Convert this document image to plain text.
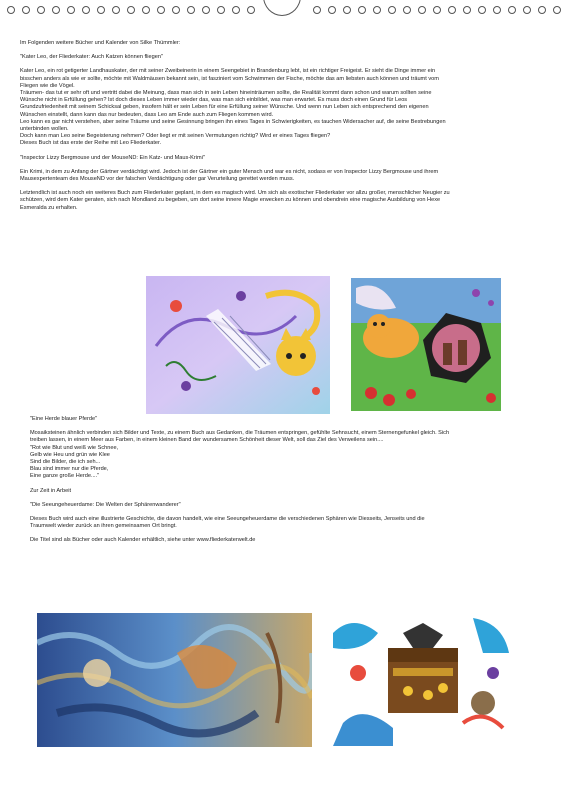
Im Folgenden weitere Bücher und Kalender von Silke Thümmler:

"Kater Leo, der Fliederkater: Auch Katzen können fliegen"

Kater Leo, ein rot getigerter Landhauskater, der mit seiner Zweibeinerin in einem Seengebiet in Brandenburg lebt, ist ein richtiger Freigeist. Er sieht die Dinge immer ein
bisschen anders als wie er sollte, möchte mit Waldmäusen bekannt sein, ist fasziniert vom Schwimmen der Fische, möchte das am liebsten auch können und träumt vom
Fliegen wie die Vögel.
Träumen- das tut er sehr oft und vertritt dabei die Meinung, dass man sich in sein Leben hineinträumen sollte, die Realität kommt dann schon und warum sollten seine
Wünsche nicht in Erfüllung gehen? Ist doch dieses Leben immer wieder das, was man sich einbildet, was man erwartet. Es muss doch einen Grund für Leos
Grundzufriedenheit mit seinem Schicksal geben, insofern hält er sein Leben für eine Erfüllung seiner Wünsche. Und wenn nun Leben sich entsprechend den eigenen
Wünschen einstellt, dann kann das nur bedeuten, dass Leo am Ende auch zum Fliegen kommen wird.
Leo kann es gar nicht verstehen, aber seine Träume und seine Gesinnung bringen ihn eines Tages in Schwierigkeiten, es tauchen Widersacher auf, die seine Bestrebungen
unterbinden wollen.
Doch kann man Leo seine Begeisterung nehmen? Oder liegt er mit seinen Vermutungen richtig? Wird er eines Tages fliegen?
Dieses Buch ist das erste der Reihe mit Leo Fliederkater.

"Inspector Lizzy Bergmouse und der MouseND: Ein Katz- und Maus-Krimi"

Ein Krimi, in dem zu Anfang der Gärtner verdächtigt wird. Jedoch ist der Gärtner ein guter Mensch und war es nicht, sodass er von Inspector Lizzy Bergmouse und ihrem
Mausexpertenteam des MouseND vor der falschen Verdächtigung oder gar Verurteilung gerettet werden muss.

Letztendlich ist auch noch ein weiteres Buch zum Fliederkater geplant, in dem es magisch wird. Um sich als exotischer Fliederkater vor allzu großer, menschlicher Neugier zu
schützen, wird dem Kater geraten, sich nach Mondland zu begeben, um dort seine innere Magie erwecken zu können und obendrein eine magische Ausbildung von Hexe
Esmeralda zu erhalten.

"Eine Herde blauer Pferde"

Mosaiksteinen ähnlich verbinden sich Bilder und Texte, zu einem Buch aus Gedanken, die Träumen entspringen, gefühlte Sehnsucht, einem Sternengefunkel gleich. Sich
treiben lassen, in einem Meer aus Farben, in einem kleinen Band der wundersamen Schönheit dieser Welt, soll das Ziel des Verweilens sein....
"Rot wie Blut und weiß wie Schnee,
Gelb wie Heu und grün wie Klee
Sind die Bilder, die ich seh...
Blau sind immer nur die Pferde,
Eine ganze große Herde...."

Zur Zeit in Arbeit

"Die Seeungeheuerdame: Die Welten der Sphärenwanderer"

Dieses Buch wird auch eine illustrierte Geschichte, die davon handelt, wie eine Seeungeheuerdame die verschiedenen Sphären wie Diesseits, Jenseits und die
Traumwelt wieder zurück an ihren gemeinsamen Ort bringt.

Die Titel sind als Bücher oder auch Kalender erhältlich, siehe unter www.fliederkaterwelt.de
